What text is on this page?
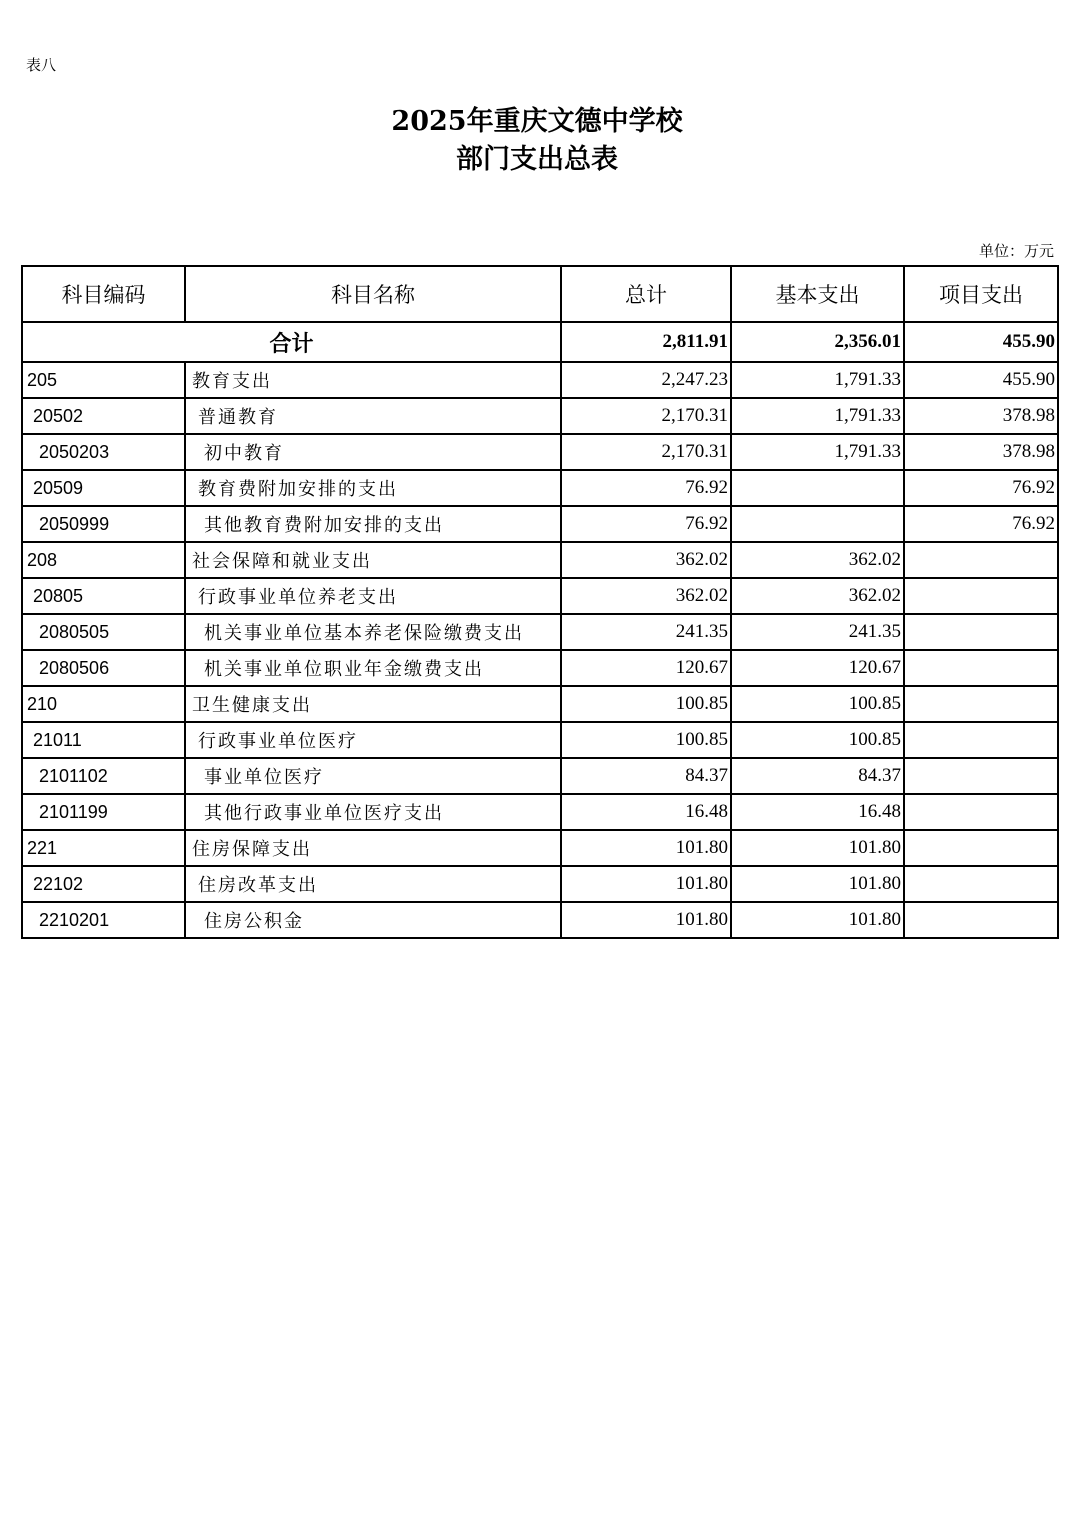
表八
2025年重庆文德中学校
部门支出总表
单位：万元
科目编码	科目名称	总计	基本支出	项目支出
合计		2,811.91	2,356.01	455.90
205	教育支出	2,247.23	1,791.33	455.90
20502	普通教育	2,170.31	1,791.33	378.98
2050203	初中教育	2,170.31	1,791.33	378.98
20509	教育费附加安排的支出	76.92		76.92
2050999	其他教育费附加安排的支出	76.92		76.92
208	社会保障和就业支出	362.02	362.02	
20805	行政事业单位养老支出	362.02	362.02	
2080505	机关事业单位基本养老保险缴费支出	241.35	241.35	
2080506	机关事业单位职业年金缴费支出	120.67	120.67	
210	卫生健康支出	100.85	100.85	
21011	行政事业单位医疗	100.85	100.85	
2101102	事业单位医疗	84.37	84.37	
2101199	其他行政事业单位医疗支出	16.48	16.48	
221	住房保障支出	101.80	101.80	
22102	住房改革支出	101.80	101.80	
2210201	住房公积金	101.80	101.80	
